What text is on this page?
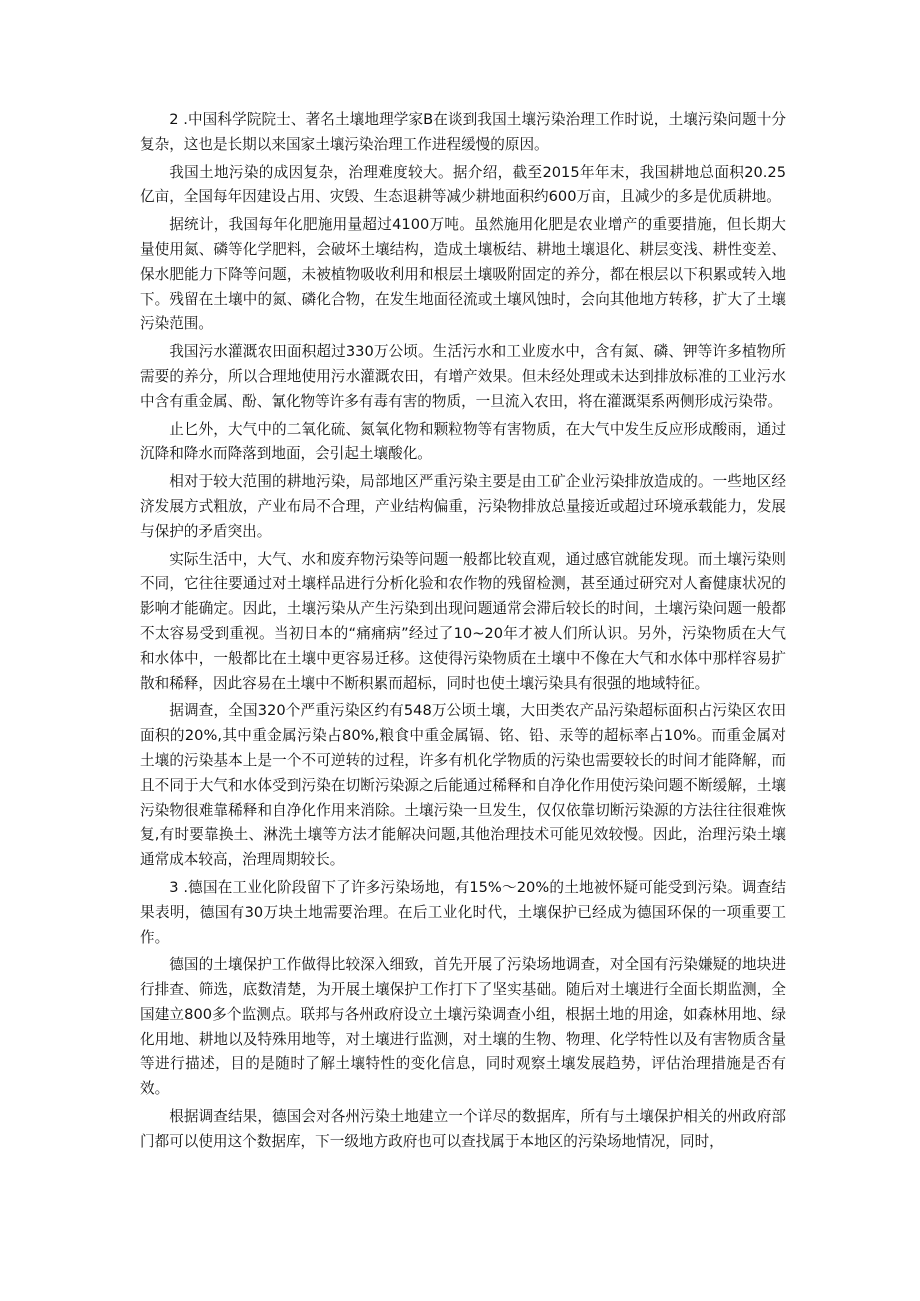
2 .中国科学院院士、著名土壤地理学家B在谈到我国土壤污染治理工作时说，土壤污染问题十分复杂，这也是长期以来国家土壤污染治理工作进程缓慢的原因。

我国土地污染的成因复杂，治理难度较大。据介绍，截至2015年年末，我国耕地总面积20.25亿亩，全国每年因建设占用、灾毁、生态退耕等减少耕地面积约600万亩，且减少的多是优质耕地。

据统计，我国每年化肥施用量超过4100万吨。虽然施用化肥是农业增产的重要措施，但长期大量使用氮、磷等化学肥料，会破坏土壤结构，造成土壤板结、耕地土壤退化、耕层变浅、耕性变差、保水肥能力下降等问题，未被植物吸收利用和根层土壤吸附固定的养分，都在根层以下积累或转入地下。残留在土壤中的氮、磷化合物，在发生地面径流或土壤风蚀时，会向其他地方转移，扩大了土壤污染范围。

我国污水灌溉农田面积超过330万公顷。生活污水和工业废水中，含有氮、磷、钾等许多植物所需要的养分，所以合理地使用污水灌溉农田，有增产效果。但未经处理或未达到排放标准的工业污水中含有重金属、酚、氰化物等许多有毒有害的物质，一旦流入农田，将在灌溉渠系两侧形成污染带。

止匕外，大气中的二氧化硫、氮氧化物和颗粒物等有害物质，在大气中发生反应形成酸雨，通过沉降和降水而降落到地面，会引起土壤酸化。

相对于较大范围的耕地污染，局部地区严重污染主要是由工矿企业污染排放造成的。一些地区经济发展方式粗放，产业布局不合理，产业结构偏重，污染物排放总量接近或超过环境承载能力，发展与保护的矛盾突出。

实际生活中，大气、水和废弃物污染等问题一般都比较直观，通过感官就能发现。而土壤污染则不同，它往往要通过对土壤样品进行分析化验和农作物的残留检测，甚至通过研究对人畜健康状况的影响才能确定。因此，土壤污染从产生污染到出现问题通常会滞后较长的时间，土壤污染问题一般都不太容易受到重视。当初日本的“痛痛病”经过了10~20年才被人们所认识。另外，污染物质在大气和水体中，一般都比在土壤中更容易迁移。这使得污染物质在土壤中不像在大气和水体中那样容易扩散和稀释，因此容易在土壤中不断积累而超标，同时也使土壤污染具有很强的地域特征。

据调查，全国320个严重污染区约有548万公顷土壤，大田类农产品污染超标面积占污染区农田面积的20%,其中重金属污染占80%,粮食中重金属镉、铭、铅、汞等的超标率占10%。而重金属对土壤的污染基本上是一个不可逆转的过程，许多有机化学物质的污染也需要较长的时间才能降解，而且不同于大气和水体受到污染在切断污染源之后能通过稀释和自净化作用使污染问题不断缓解，土壤污染物很难靠稀释和自净化作用来消除。土壤污染一旦发生，仅仅依靠切断污染源的方法往往很难恢复,有时要靠换土、淋洗土壤等方法才能解决问题,其他治理技术可能见效较慢。因此，治理污染土壤通常成本较高，治理周期较长。

3 .德国在工业化阶段留下了许多污染场地，有15%〜20%的土地被怀疑可能受到污染。调查结果表明，德国有30万块土地需要治理。在后工业化时代，土壤保护已经成为德国环保的一项重要工作。

德国的土壤保护工作做得比较深入细致，首先开展了污染场地调查，对全国有污染嫌疑的地块进行排查、筛选，底数清楚，为开展土壤保护工作打下了坚实基础。随后对土壤进行全面长期监测，全国建立800多个监测点。联邦与各州政府设立土壤污染调查小组，根据土地的用途，如森林用地、绿化用地、耕地以及特殊用地等，对土壤进行监测，对土壤的生物、物理、化学特性以及有害物质含量等进行描述，目的是随时了解土壤特性的变化信息，同时观察土壤发展趋势，评估治理措施是否有效。

根据调查结果，德国会对各州污染土地建立一个详尽的数据库，所有与土壤保护相关的州政府部门都可以使用这个数据库，下一级地方政府也可以查找属于本地区的污染场地情况，同时，
